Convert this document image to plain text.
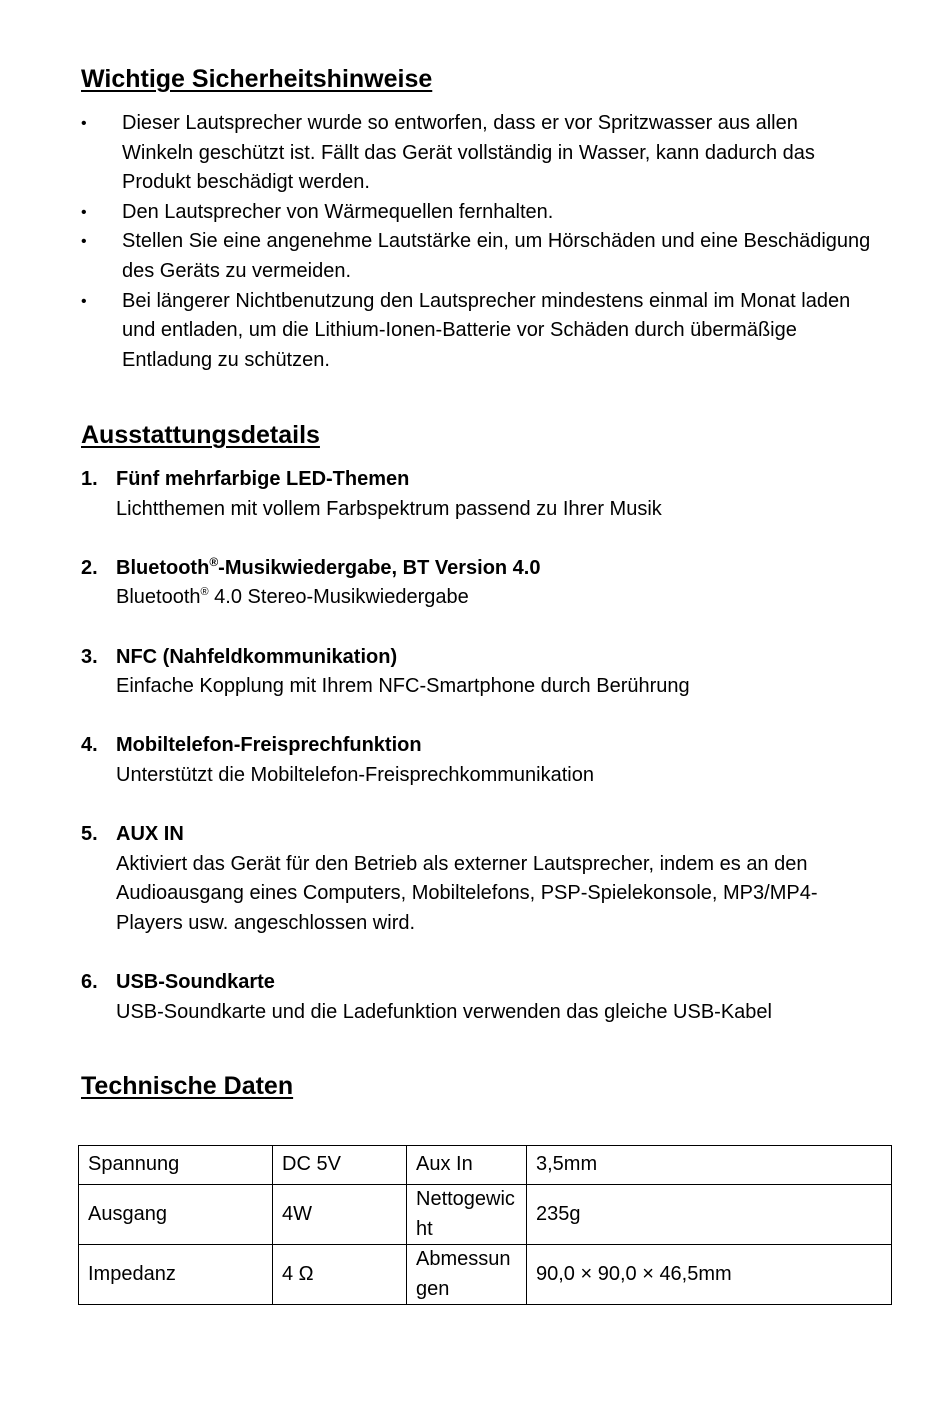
Wichtige Sicherheitshinweise
•	Dieser Lautsprecher wurde so entworfen, dass er vor Spritzwasser aus allen Winkeln geschützt ist. Fällt das Gerät vollständig in Wasser, kann dadurch das Produkt beschädigt werden.
•	Den Lautsprecher von Wärmequellen fernhalten.
•	Stellen Sie eine angenehme Lautstärke ein, um Hörschäden und eine Beschädigung des Geräts zu vermeiden.
•	Bei längerer Nichtbenutzung den Lautsprecher mindestens einmal im Monat laden und entladen, um die Lithium-Ionen-Batterie vor Schäden durch übermäßige Entladung zu schützen.
Ausstattungsdetails
1. Fünf mehrfarbige LED-Themen
Lichtthemen mit vollem Farbspektrum passend zu Ihrer Musik
2. Bluetooth®-Musikwiedergabe, BT Version 4.0
Bluetooth® 4.0 Stereo-Musikwiedergabe
3. NFC (Nahfeldkommunikation)
Einfache Kopplung mit Ihrem NFC-Smartphone durch Berührung
4. Mobiltelefon-Freisprechfunktion
Unterstützt die Mobiltelefon-Freisprechkommunikation
5. AUX IN
Aktiviert das Gerät für den Betrieb als externer Lautsprecher, indem es an den Audioausgang eines Computers, Mobiltelefons, PSP-Spielekonsole, MP3/MP4-Players usw. angeschlossen wird.
6. USB-Soundkarte
USB-Soundkarte und die Ladefunktion verwenden das gleiche USB-Kabel
Technische Daten
Spannung	DC 5V	Aux In	3,5mm
Ausgang	4W	Nettogewicht	235g
Impedanz	4 Ω	Abmessungen	90,0 × 90,0 × 46,5mm
